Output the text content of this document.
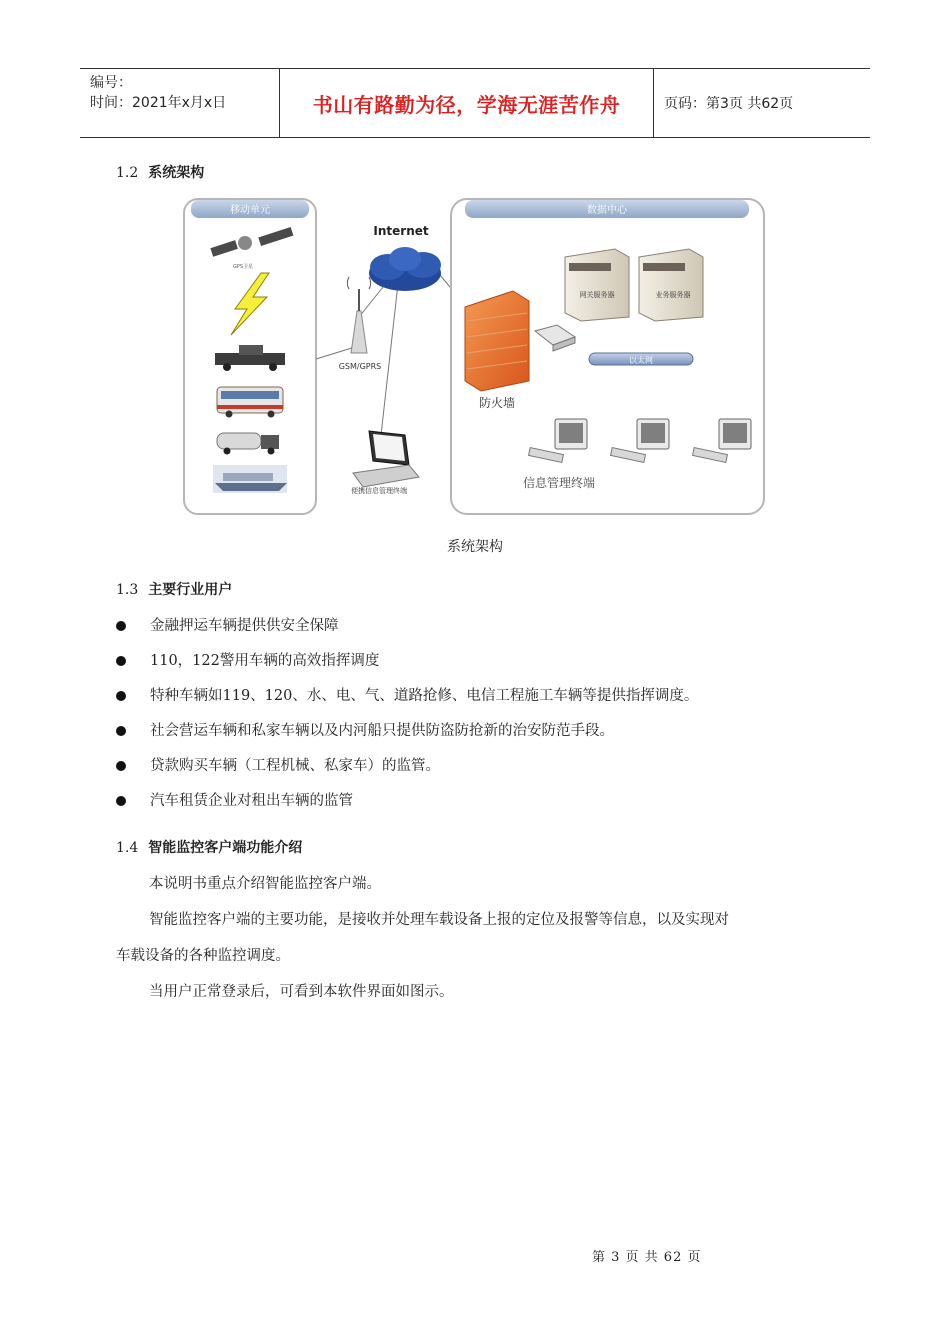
编号：
时间：2021年x月x日	书山有路勤为径，学海无涯苦作舟	页码：第3页 共62页
1.2 系统架构
移动单元
GPS卫星
Internet
GSM/GPRS
便携信息管理终端
数据中心
防火墙
网关服务器	业务服务器
以太网
信息管理终端
系统架构
1.3 主要行业用户
金融押运车辆提供供安全保障
110，122警用车辆的高效指挥调度
特种车辆如119、120、水、电、气、道路抢修、电信工程施工车辆等提供指挥调度。
社会营运车辆和私家车辆以及内河船只提供防盗防抢新的治安防范手段。
贷款购买车辆（工程机械、私家车）的监管。
汽车租赁企业对租出车辆的监管
1.4 智能监控客户端功能介绍
本说明书重点介绍智能监控客户端。
智能监控客户端的主要功能，是接收并处理车载设备上报的定位及报警等信息，以及实现对
车载设备的各种监控调度。
当用户正常登录后，可看到本软件界面如图示。
第 3 页 共 62 页
